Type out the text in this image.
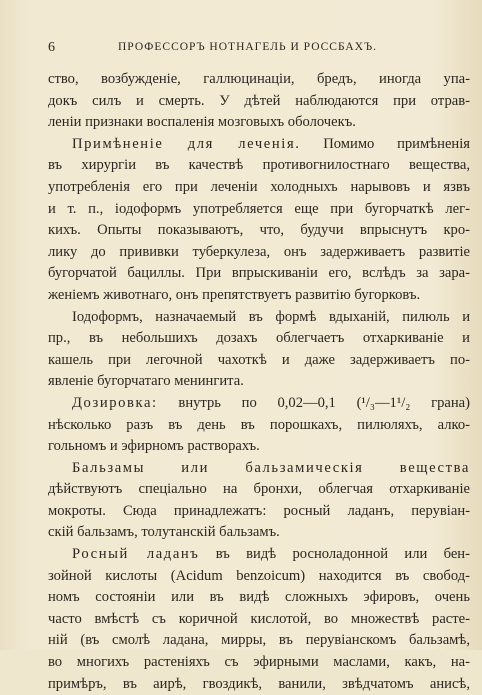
6	ПРОФЕССОРЪ НОТНАГЕЛЬ И РОССБАХЪ.
ство, возбужденіе, галлюцинаціи, бредъ, иногда упа-
докъ силъ и смерть. У дѣтей наблюдаются при отрав-
леніи признаки воспаленія мозговыхъ оболочекъ.
Примѣненіе для леченія. Помимо примѣненія
въ хирургіи въ качествѣ противогнилостнаго вещества,
употребленія его при леченіи холодныхъ нарывовъ и язвъ
и т. п., іодоформъ употребляется еще при бугорчаткѣ лег-
кихъ. Опыты показываютъ, что, будучи впрыснутъ кро-
лику до прививки туберкулеза, онъ задерживаетъ развитіе
бугорчатой бациллы. При впрыскиваніи его, вслѣдъ за зара-
женіемъ животнаго, онъ препятствуетъ развитію бугорковъ.
Іодоформъ, назначаемый въ формѣ вдыханій, пилюль и
пр., въ небольшихъ дозахъ облегчаетъ отхаркиваніе и
кашель при легочной чахоткѣ и даже задерживаетъ по-
явленіе бугорчатаго менингита.
Дозировка: внутрь по 0,02—0,1 (¹/₃—1¹/₂ грана)
нѣсколько разъ въ день въ порошкахъ, пилюляхъ, алко-
гольномъ и эфирномъ растворахъ.
Бальзамы или бальзамическія вещества
дѣйствуютъ спеціально на бронхи, облегчая отхаркиваніе
мокроты. Сюда принадлежатъ: росный ладанъ, перувіан-
скій бальзамъ, толутанскій бальзамъ.
Росный ладанъ въ видѣ росноладонной или бен-
зойной кислоты (Acidum benzoicum) находится въ свобод-
номъ состояніи или въ видѣ сложныхъ эфировъ, очень
часто вмѣстѣ съ коричной кислотой, во множествѣ расте-
ній (въ смолѣ ладана, мирры, въ перувіанскомъ бальзамѣ,
во многихъ растеніяхъ съ эфирными маслами, какъ, на-
примѣръ, въ аирѣ, гвоздикѣ, ванили, звѣдчатомъ анисѣ,
